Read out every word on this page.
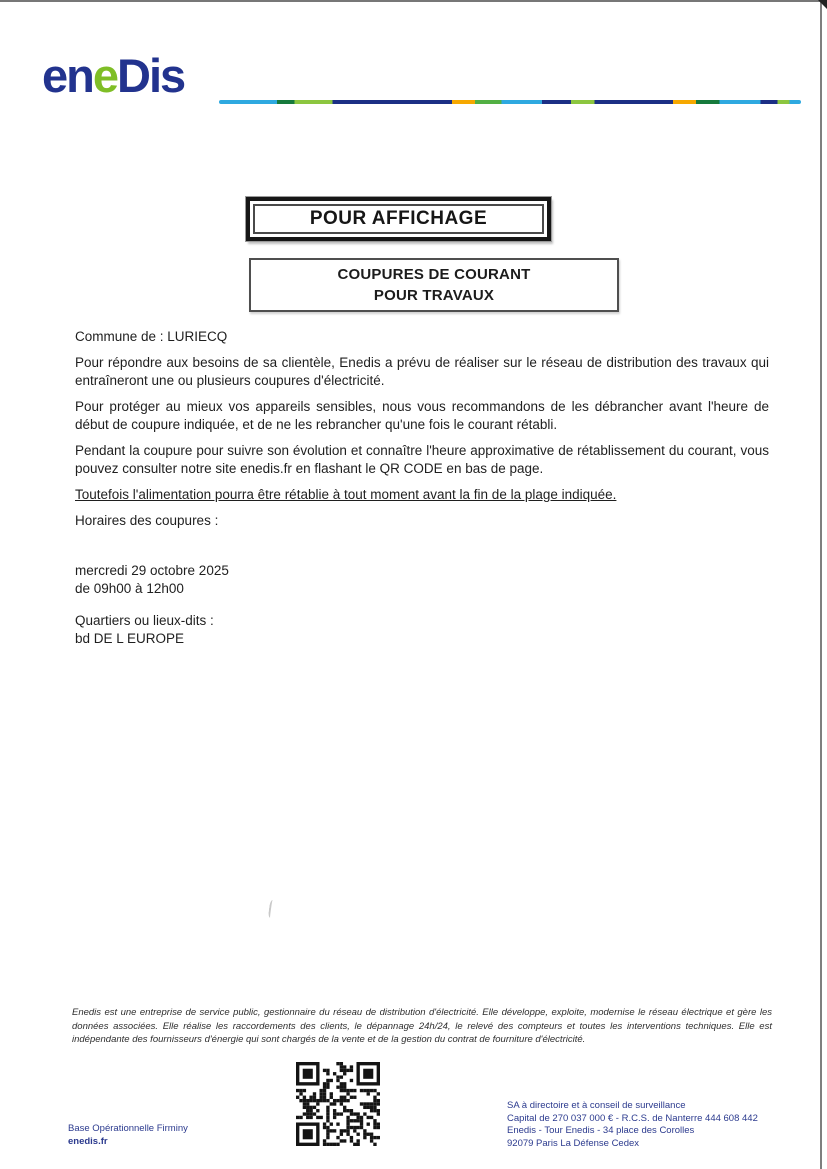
eneDis
POUR AFFICHAGE
COUPURES DE COURANT
POUR TRAVAUX

Commune de : LURIECQ

Pour répondre aux besoins de sa clientèle, Enedis a prévu de réaliser sur le réseau de distribution des travaux qui entraîneront une ou plusieurs coupures d'électricité.

Pour protéger au mieux vos appareils sensibles, nous vous recommandons de les débrancher avant l'heure de début de coupure indiquée, et de ne les rebrancher qu'une fois le courant rétabli.

Pendant la coupure pour suivre son évolution et connaître l'heure approximative de rétablissement du courant, vous pouvez consulter notre site enedis.fr en flashant le QR CODE en bas de page.

Toutefois l'alimentation pourra être rétablie à tout moment avant la fin de la plage indiquée.

Horaires des coupures :

mercredi 29 octobre 2025

de 09h00 à 12h00

Quartiers ou lieux-dits :

bd DE L EUROPE

Enedis est une entreprise de service public, gestionnaire du réseau de distribution d'électricité. Elle développe, exploite, modernise le réseau électrique et gère les données associées. Elle réalise les raccordements des clients, le dépannage 24h/24, le relevé des compteurs et toutes les interventions techniques. Elle est indépendante des fournisseurs d'énergie qui sont chargés de la vente et de la gestion du contrat de fourniture d'électricité.
Base Opérationnelle Firminy
enedis.fr
SA à directoire et à conseil de surveillance
Capital de 270 037 000 € - R.C.S. de Nanterre 444 608 442
Enedis - Tour Enedis - 34 place des Corolles
92079 Paris La Défense Cedex
